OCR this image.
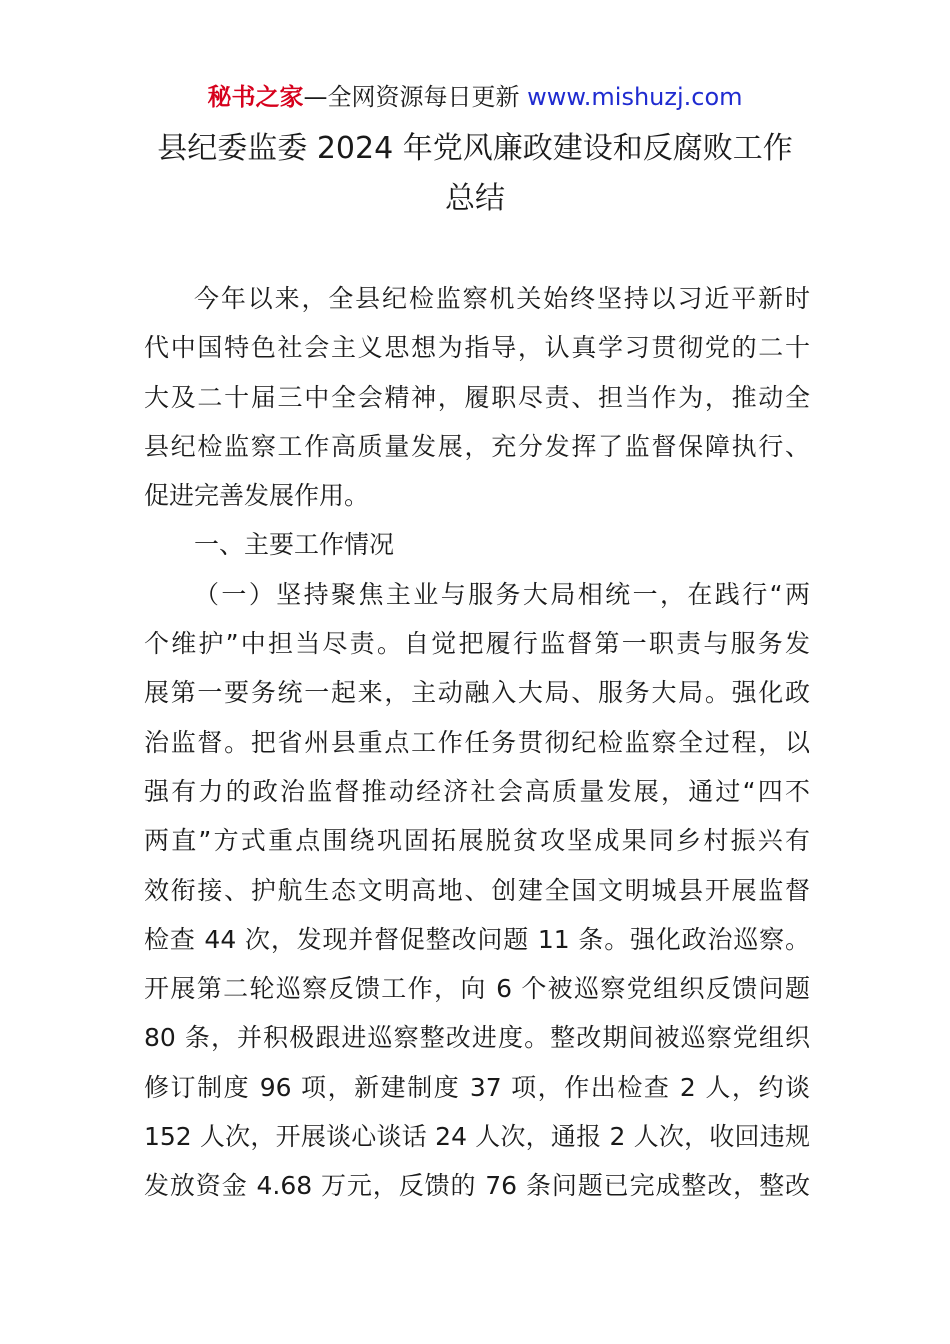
秘书之家—全网资源每日更新 www.mishuzj.com
县纪委监委 2024 年党风廉政建设和反腐败工作
总结
今年以来，全县纪检监察机关始终坚持以习近平新时
代中国特色社会主义思想为指导，认真学习贯彻党的二十
大及二十届三中全会精神，履职尽责、担当作为，推动全
县纪检监察工作高质量发展，充分发挥了监督保障执行、
促进完善发展作用。
一、主要工作情况
（一）坚持聚焦主业与服务大局相统一，在践行“两
个维护”中担当尽责。自觉把履行监督第一职责与服务发
展第一要务统一起来，主动融入大局、服务大局。强化政
治监督。把省州县重点工作任务贯彻纪检监察全过程，以
强有力的政治监督推动经济社会高质量发展，通过“四不
两直”方式重点围绕巩固拓展脱贫攻坚成果同乡村振兴有
效衔接、护航生态文明高地、创建全国文明城县开展监督
检查 44 次，发现并督促整改问题 11 条。强化政治巡察。
开展第二轮巡察反馈工作，向 6 个被巡察党组织反馈问题
80 条，并积极跟进巡察整改进度。整改期间被巡察党组织
修订制度 96 项，新建制度 37 项，作出检查 2 人，约谈
152 人次，开展谈心谈话 24 人次，通报 2 人次，收回违规
发放资金 4.68 万元，反馈的 76 条问题已完成整改，整改
